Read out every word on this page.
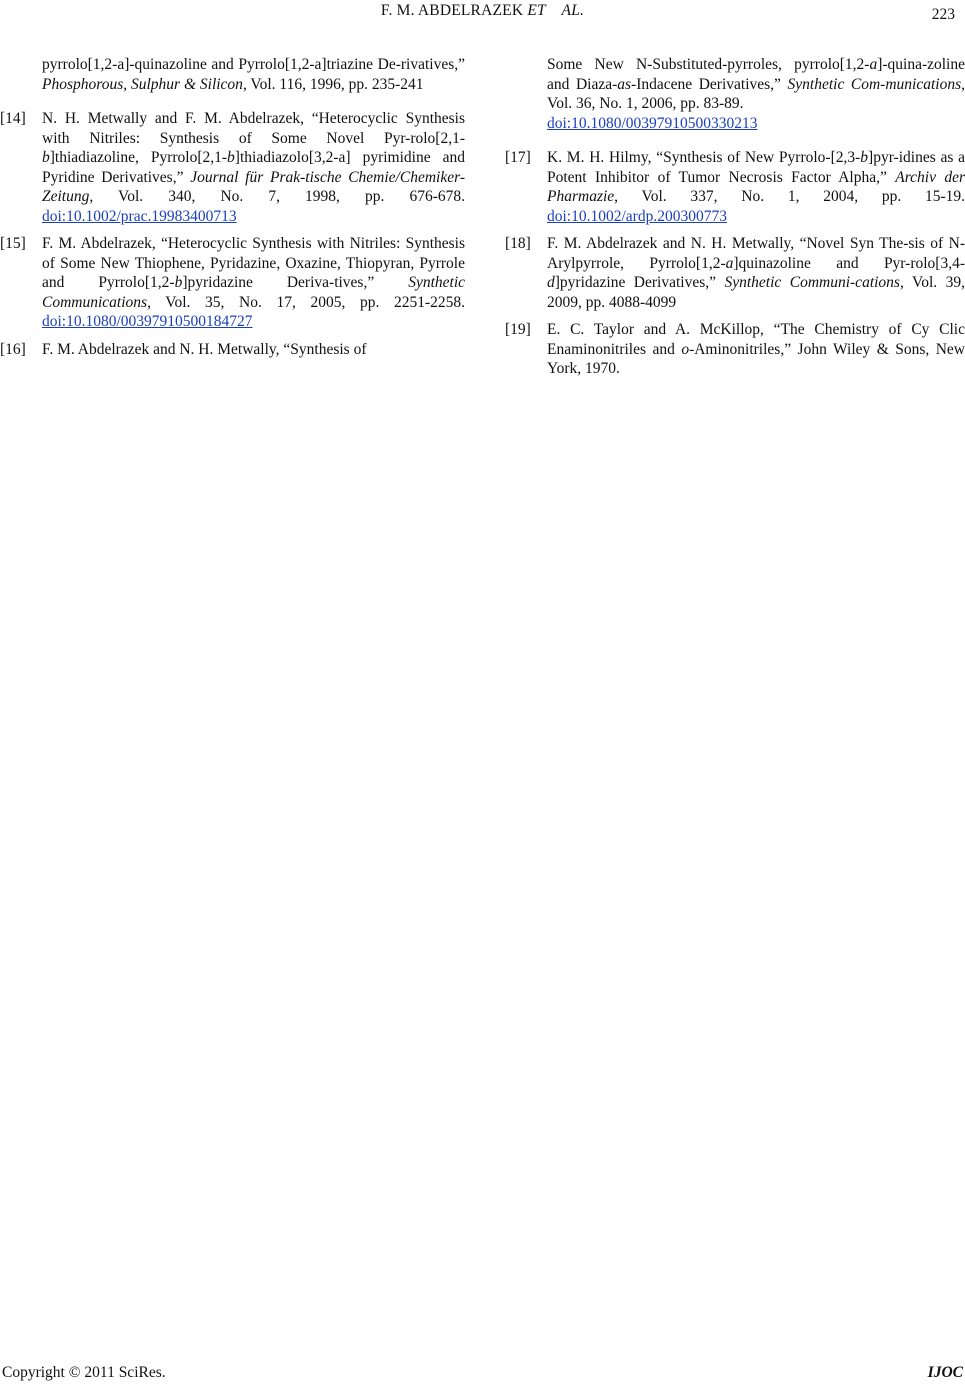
F. M. ABDELRAZEK ET    AL.	223
pyrrolo[1,2-a]-quinazoline and Pyrrolo[1,2-a]triazine De-rivatives,” Phosphorous, Sulphur & Silicon, Vol. 116, 1996, pp. 235-241
[14]	N. H. Metwally and F. M. Abdelrazek, “Heterocyclic Synthesis with Nitriles: Synthesis of Some Novel Pyr-rolo[2,1-b]thiadiazoline, Pyrrolo[2,1-b]thiadiazolo[3,2-a] pyrimidine and Pyridine Derivatives,” Journal für Prak-tische Chemie/Chemiker-Zeitung, Vol. 340, No. 7, 1998, pp. 676-678. doi:10.1002/prac.19983400713
[15]	F. M. Abdelrazek, “Heterocyclic Synthesis with Nitriles: Synthesis of Some New Thiophene, Pyridazine, Oxazine, Thiopyran, Pyrrole and Pyrrolo[1,2-b]pyridazine Deriva-tives,” Synthetic Communications, Vol. 35, No. 17, 2005, pp. 2251-2258. doi:10.1080/00397910500184727
[16]	F. M. Abdelrazek and N. H. Metwally, “Synthesis of
Some New N-Substituted-pyrroles, pyrrolo[1,2-a]-quina-zoline and Diaza-as-Indacene Derivatives,” Synthetic Com-munications, Vol. 36, No. 1, 2006, pp. 83-89.
doi:10.1080/00397910500330213
[17]	K. M. H. Hilmy, “Synthesis of New Pyrrolo-[2,3-b]pyr-idines as a Potent Inhibitor of Tumor Necrosis Factor Alpha,” Archiv der Pharmazie, Vol. 337, No. 1, 2004, pp. 15-19. doi:10.1002/ardp.200300773
[18]	F. M. Abdelrazek and N. H. Metwally, “Novel Syn The-sis of N-Arylpyrrole, Pyrrolo[1,2-a]quinazoline and Pyr-rolo[3,4-d]pyridazine Derivatives,” Synthetic Communi-cations, Vol. 39, 2009, pp. 4088-4099
[19]	E. C. Taylor and A. McKillop, “The Chemistry of Cy Clic Enaminonitriles and o-Aminonitriles,” John Wiley & Sons, New York, 1970.
Copyright © 2011 SciRes.	IJOC
